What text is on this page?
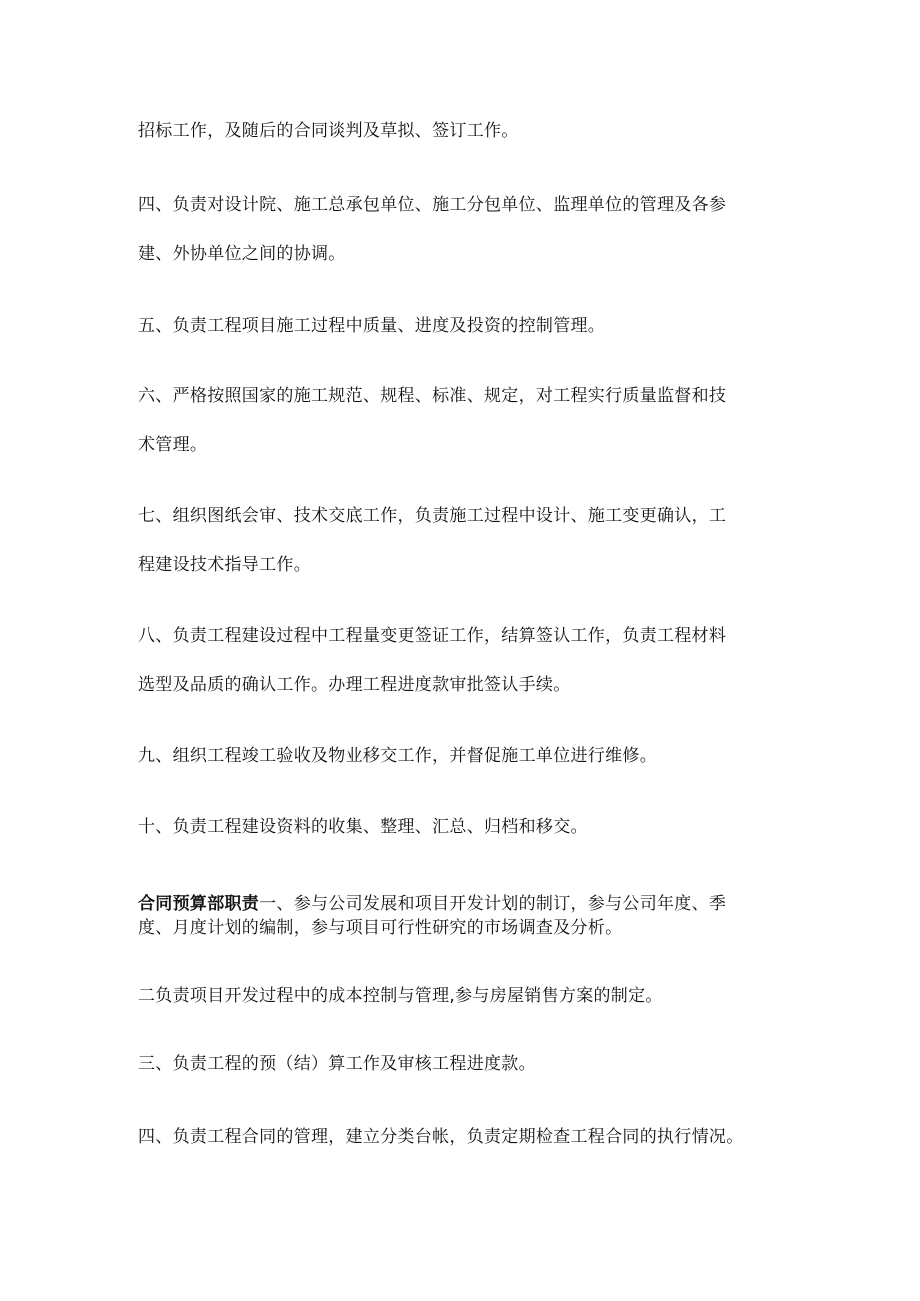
招标工作，及随后的合同谈判及草拟、签订工作。
四、负责对设计院、施工总承包单位、施工分包单位、监理单位的管理及各参
建、外协单位之间的协调。
五、负责工程项目施工过程中质量、进度及投资的控制管理。
六、严格按照国家的施工规范、规程、标准、规定，对工程实行质量监督和技
术管理。
七、组织图纸会审、技术交底工作，负责施工过程中设计、施工变更确认，工
程建设技术指导工作。
八、负责工程建设过程中工程量变更签证工作，结算签认工作，负责工程材料
选型及品质的确认工作。办理工程进度款审批签认手续。
九、组织工程竣工验收及物业移交工作，并督促施工单位进行维修。
十、负责工程建设资料的收集、整理、汇总、归档和移交。
合同预算部职责一、参与公司发展和项目开发计划的制订，参与公司年度、季
度、月度计划的编制，参与项目可行性研究的市场调查及分析。
二负责项目开发过程中的成本控制与管理,参与房屋销售方案的制定。
三、负责工程的预（结）算工作及审核工程进度款。
四、负责工程合同的管理，建立分类台帐，负责定期检查工程合同的执行情况。
